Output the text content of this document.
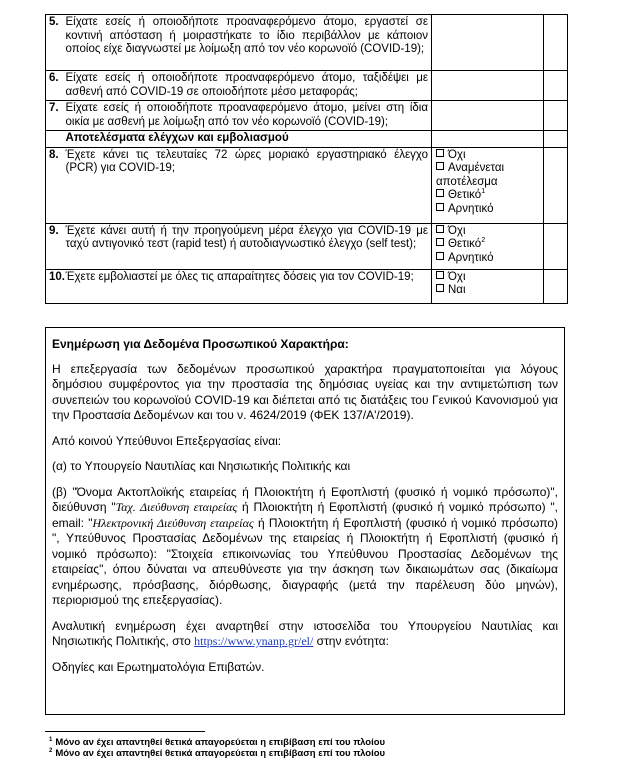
5.	Είχατε εσείς ή οποιοδήποτε προαναφερόμενο άτομο, εργαστεί σε κοντινή απόσταση ή μοιραστήκατε το ίδιο περιβάλλον με κάποιον οποίος είχε διαγνωστεί με λοίμωξη από τον νέο κορωνοϊό (COVID-19);		
6.	Είχατε εσείς ή οποιοδήποτε προαναφερόμενο άτομο, ταξιδέψει με ασθενή από COVID-19 σε οποιοδήποτε μέσο μεταφοράς;		
7.	Είχατε εσείς ή οποιοδήποτε προαναφερόμενο άτομο, μείνει στη ίδια οικία με ασθενή με λοίμωξη από τον νέο κορωνοϊό (COVID-19);		
	Αποτελέσματα ελέγχων και εμβολιασμού		
8.	Έχετε κάνει τις τελευταίες 72 ώρες μοριακό εργαστηριακό έλεγχο (PCR) για COVID-19;	Όχι
Αναμένεται αποτέλεσμα
Θετικό$^1$
Αρνητικό	

9.	Έχετε κάνει αυτή ή την προηγούμενη μέρα έλεγχο για COVID-19 με ταχύ αντιγονικό τεστ (rapid test) ή αυτοδιαγνωστικό έλεγχο (self test);	Όχι
Θετικό$^2$
Αρνητικό	

10.	Έχετε εμβολιαστεί με όλες τις απαραίτητες δόσεις για τον COVID-19;	Όχι
Ναι	

Ενημέρωση για Δεδομένα Προσωπικού Χαρακτήρα:

Η επεξεργασία των δεδομένων προσωπικού χαρακτήρα πραγματοποιείται για λόγους δημόσιου συμφέροντος για την προστασία της δημόσιας υγείας και την αντιμετώπιση των συνεπειών του κορωνοϊού COVID-19 και διέπεται από τις διατάξεις του Γενικού Κανονισμού για την Προστασία Δεδομένων και του ν. 4624/2019 (ΦΕΚ 137/Α'/2019).

Από κοινού Υπεύθυνοι Επεξεργασίας είναι:

(α) το Υπουργείο Ναυτιλίας και Νησιωτικής Πολιτικής και

(β) "Όνομα Ακτοπλοϊκής εταιρείας ή Πλοιοκτήτη ή Εφοπλιστή (φυσικό ή νομικό πρόσωπο)", διεύθυνση "Ταχ. Διεύθυνση εταιρείας ή Πλοιοκτήτη ή Εφοπλιστή (φυσικό ή νομικό πρόσωπο) ", email: "Ηλεκτρονική Διεύθυνση εταιρείας ή Πλοιοκτήτη ή Εφοπλιστή (φυσικό ή νομικό πρόσωπο) ", Υπεύθυνος Προστασίας Δεδομένων της εταιρείας ή Πλοιοκτήτη ή Εφοπλιστή (φυσικό ή νομικό πρόσωπο): "Στοιχεία επικοινωνίας του Υπεύθυνου Προστασίας Δεδομένων της εταιρείας", όπου δύναται να απευθύνεστε για την άσκηση των δικαιωμάτων σας (δικαίωμα ενημέρωσης, πρόσβασης, διόρθωσης, διαγραφής (μετά την παρέλευση δύο μηνών), περιορισμού της επεξεργασίας).

Αναλυτική ενημέρωση έχει αναρτηθεί στην ιστοσελίδα του Υπουργείου Ναυτιλίας και Νησιωτικής Πολιτικής, στο https://www.ynanp.gr/el/ στην ενότητα:

Οδηγίες και Ερωτηματολόγια Επιβατών.

$^1$ Μόνο αν έχει απαντηθεί θετικά απαγορεύεται η επιβίβαση επί του πλοίου
$^2$ Μόνο αν έχει απαντηθεί θετικά απαγορεύεται η επιβίβαση επί του πλοίου
